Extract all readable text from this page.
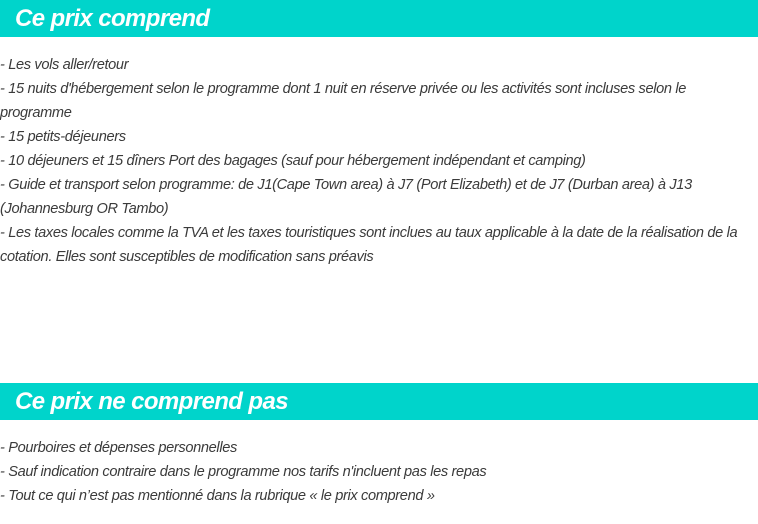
Ce prix comprend
- Les vols aller/retour
- 15 nuits d'hébergement selon le programme dont 1 nuit en réserve privée ou les activités sont incluses selon le programme
- 15 petits-déjeuners
- 10 déjeuners et 15 dîners Port des bagages (sauf pour hébergement indépendant et camping)
- Guide et transport selon programme: de J1(Cape Town area) à J7 (Port Elizabeth) et de J7 (Durban area) à J13 (Johannesburg OR Tambo)
- Les taxes locales comme la TVA et les taxes touristiques sont inclues au taux applicable à la date de la réalisation de la cotation. Elles sont susceptibles de modification sans préavis
Ce prix ne comprend pas
- Pourboires et dépenses personnelles
- Sauf indication contraire dans le programme nos tarifs n'incluent pas les repas
- Tout ce qui n’est pas mentionné dans la rubrique « le prix comprend »
